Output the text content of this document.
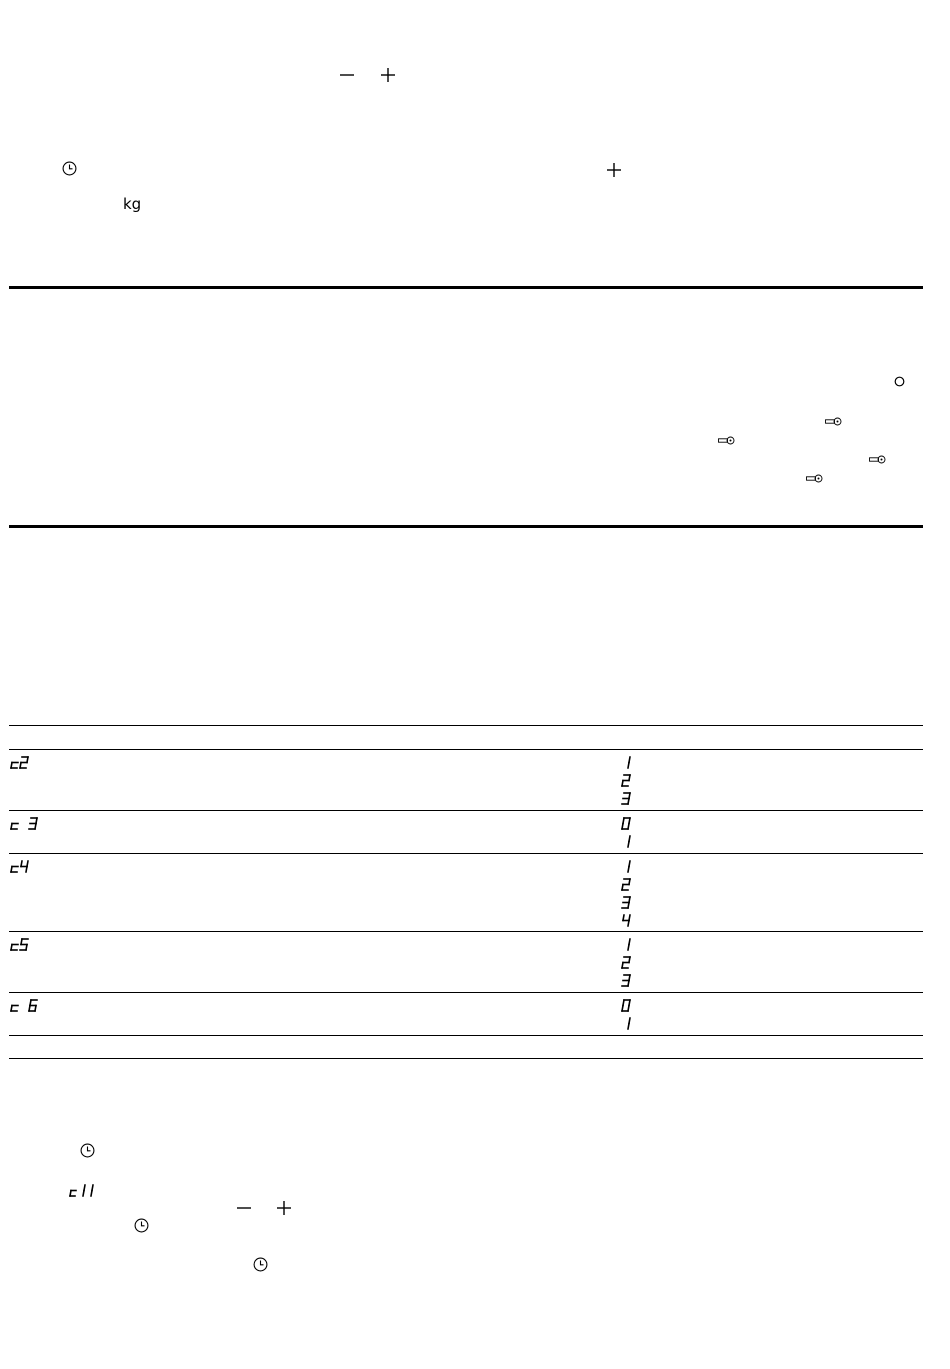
kg
